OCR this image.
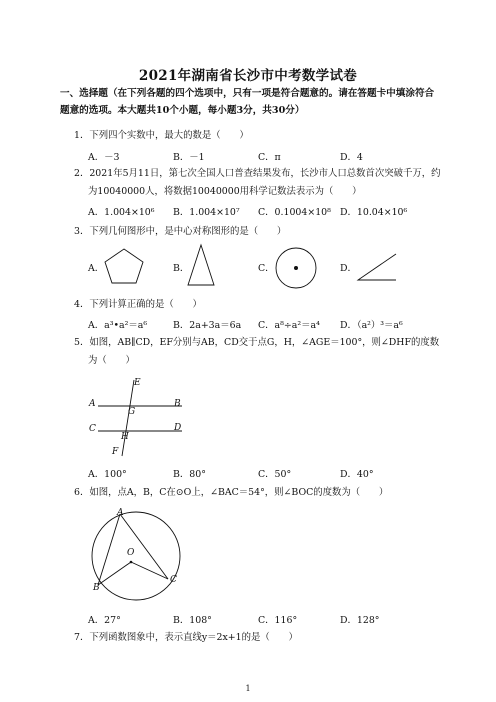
2021年湖南省长沙市中考数学试卷
一、选择题（在下列各题的四个选项中，只有一项是符合题意的。请在答题卡中填涂符合
题意的选项。本大题共10个小题，每小题3分，共30分）
1．下列四个实数中，最大的数是（　　）
A．－3	B．－1	C．π	D．4
2．2021年5月11日，第七次全国人口普查结果发布，长沙市人口总数首次突破千万，约
为10040000人，将数据10040000用科学记数法表示为（　　）
A．1.004×10⁶ B．1.004×10⁷ C．0.1004×10⁸ D．10.04×10⁶
3．下列几何图形中，是中心对称图形的是（　　）
A．	B．	C．	D．
4．下列计算正确的是（　　）
A．a³•a²＝a⁶	B．2a+3a＝6a C．a⁸÷a²＝a⁴ D．（a²）³＝a⁶
5．如图，AB∥CD，EF分别与AB，CD交于点G，H，∠AGE＝100°，则∠DHF的度数
为（　　）
E
A	B
G
C	D
H
F
A．100°	B．80°	C．50°	D．40°
6．如图，点A，B，C在⊙O上，∠BAC＝54°，则∠BOC的度数为（　　）
A
O
B
C
A．27°	B．108°	C．116°	D．128°
7．下列函数图象中，表示直线y＝2x+1的是（　　）
1
